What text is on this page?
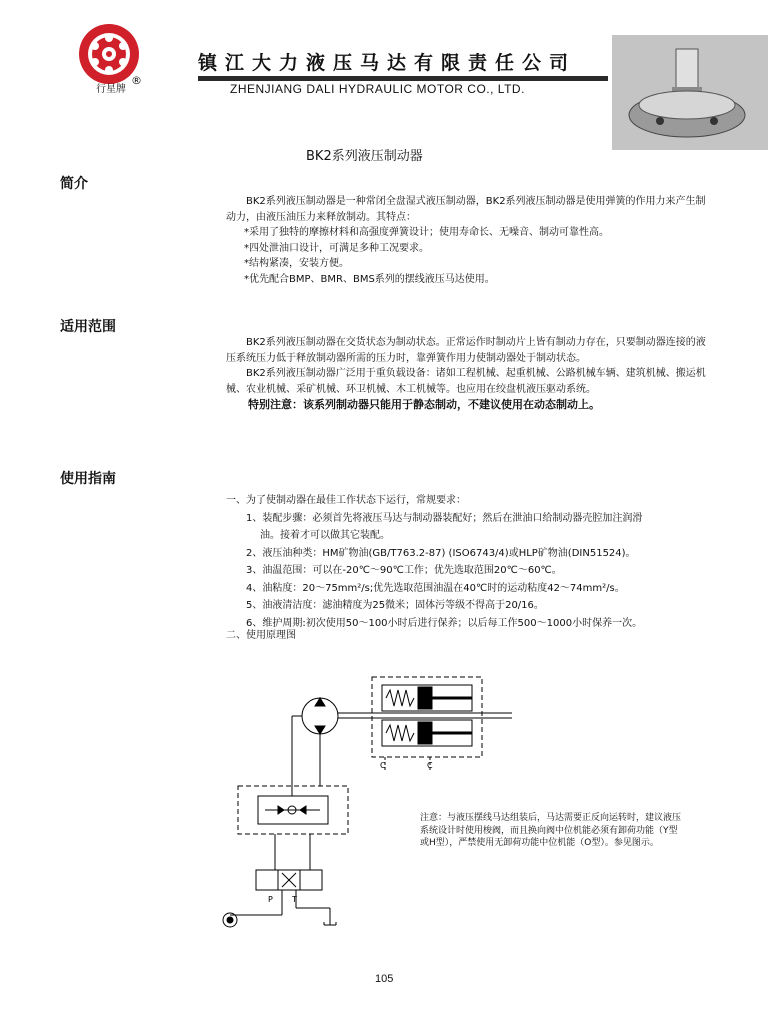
行星牌
®
镇江大力液压马达有限责任公司
ZHENJIANG DALI HYDRAULIC MOTOR CO., LTD.
BK2系列液压制动器
简介
BK2系列液压制动器是一种常闭全盘湿式液压制动器，BK2系列液压制动器是使用弹簧的作用力来产生制动力，由液压油压力来释放制动。其特点：
*采用了独特的摩擦材料和高强度弹簧设计；使用寿命长、无噪音、制动可靠性高。
*四处泄油口设计，可满足多种工况要求。
*结构紧凑，安装方便。
*优先配合BMP、BMR、BMS系列的摆线液压马达使用。
适用范围
BK2系列液压制动器在交货状态为制动状态。正常运作时制动片上皆有制动力存在，只要制动器连接的液压系统压力低于释放制动器所需的压力时，靠弹簧作用力使制动器处于制动状态。
BK2系列液压制动器广泛用于重负载设备：诸如工程机械、起重机械、公路机械车辆、建筑机械、搬运机械、农业机械、采矿机械、环卫机械、木工机械等。也应用在绞盘机液压驱动系统。
特别注意：该系列制动器只能用于静态制动，不建议使用在动态制动上。
使用指南
一、为了使制动器在最佳工作状态下运行，常规要求：
1、装配步骤：必须首先将液压马达与制动器装配好；然后在泄油口给制动器壳腔加注润滑
油。接着才可以做其它装配。
2、液压油种类：HM矿物油(GB/T763.2-87) (ISO6743/4)或HLP矿物油(DIN51524)。
3、油温范围：可以在-20℃～90℃工作；优先选取范围20℃～60℃。
4、油粘度：20～75mm²/s;优先选取范围油温在40℃时的运动粘度42～74mm²/s。
5、油液清洁度：滤油精度为25微米；固体污等级不得高于20/16。
6、维护周期:初次使用50～100小时后进行保养；以后每工作500～1000小时保养一次。
二、使用原理图
C	C
P T
注意：与液压摆线马达组装后，马达需要正反向运转时，建议液压系统设计时使用梭阀，而且换向阀中位机能必须有卸荷功能（Y型或H型），严禁使用无卸荷功能中位机能（O型）。参见图示。
105
